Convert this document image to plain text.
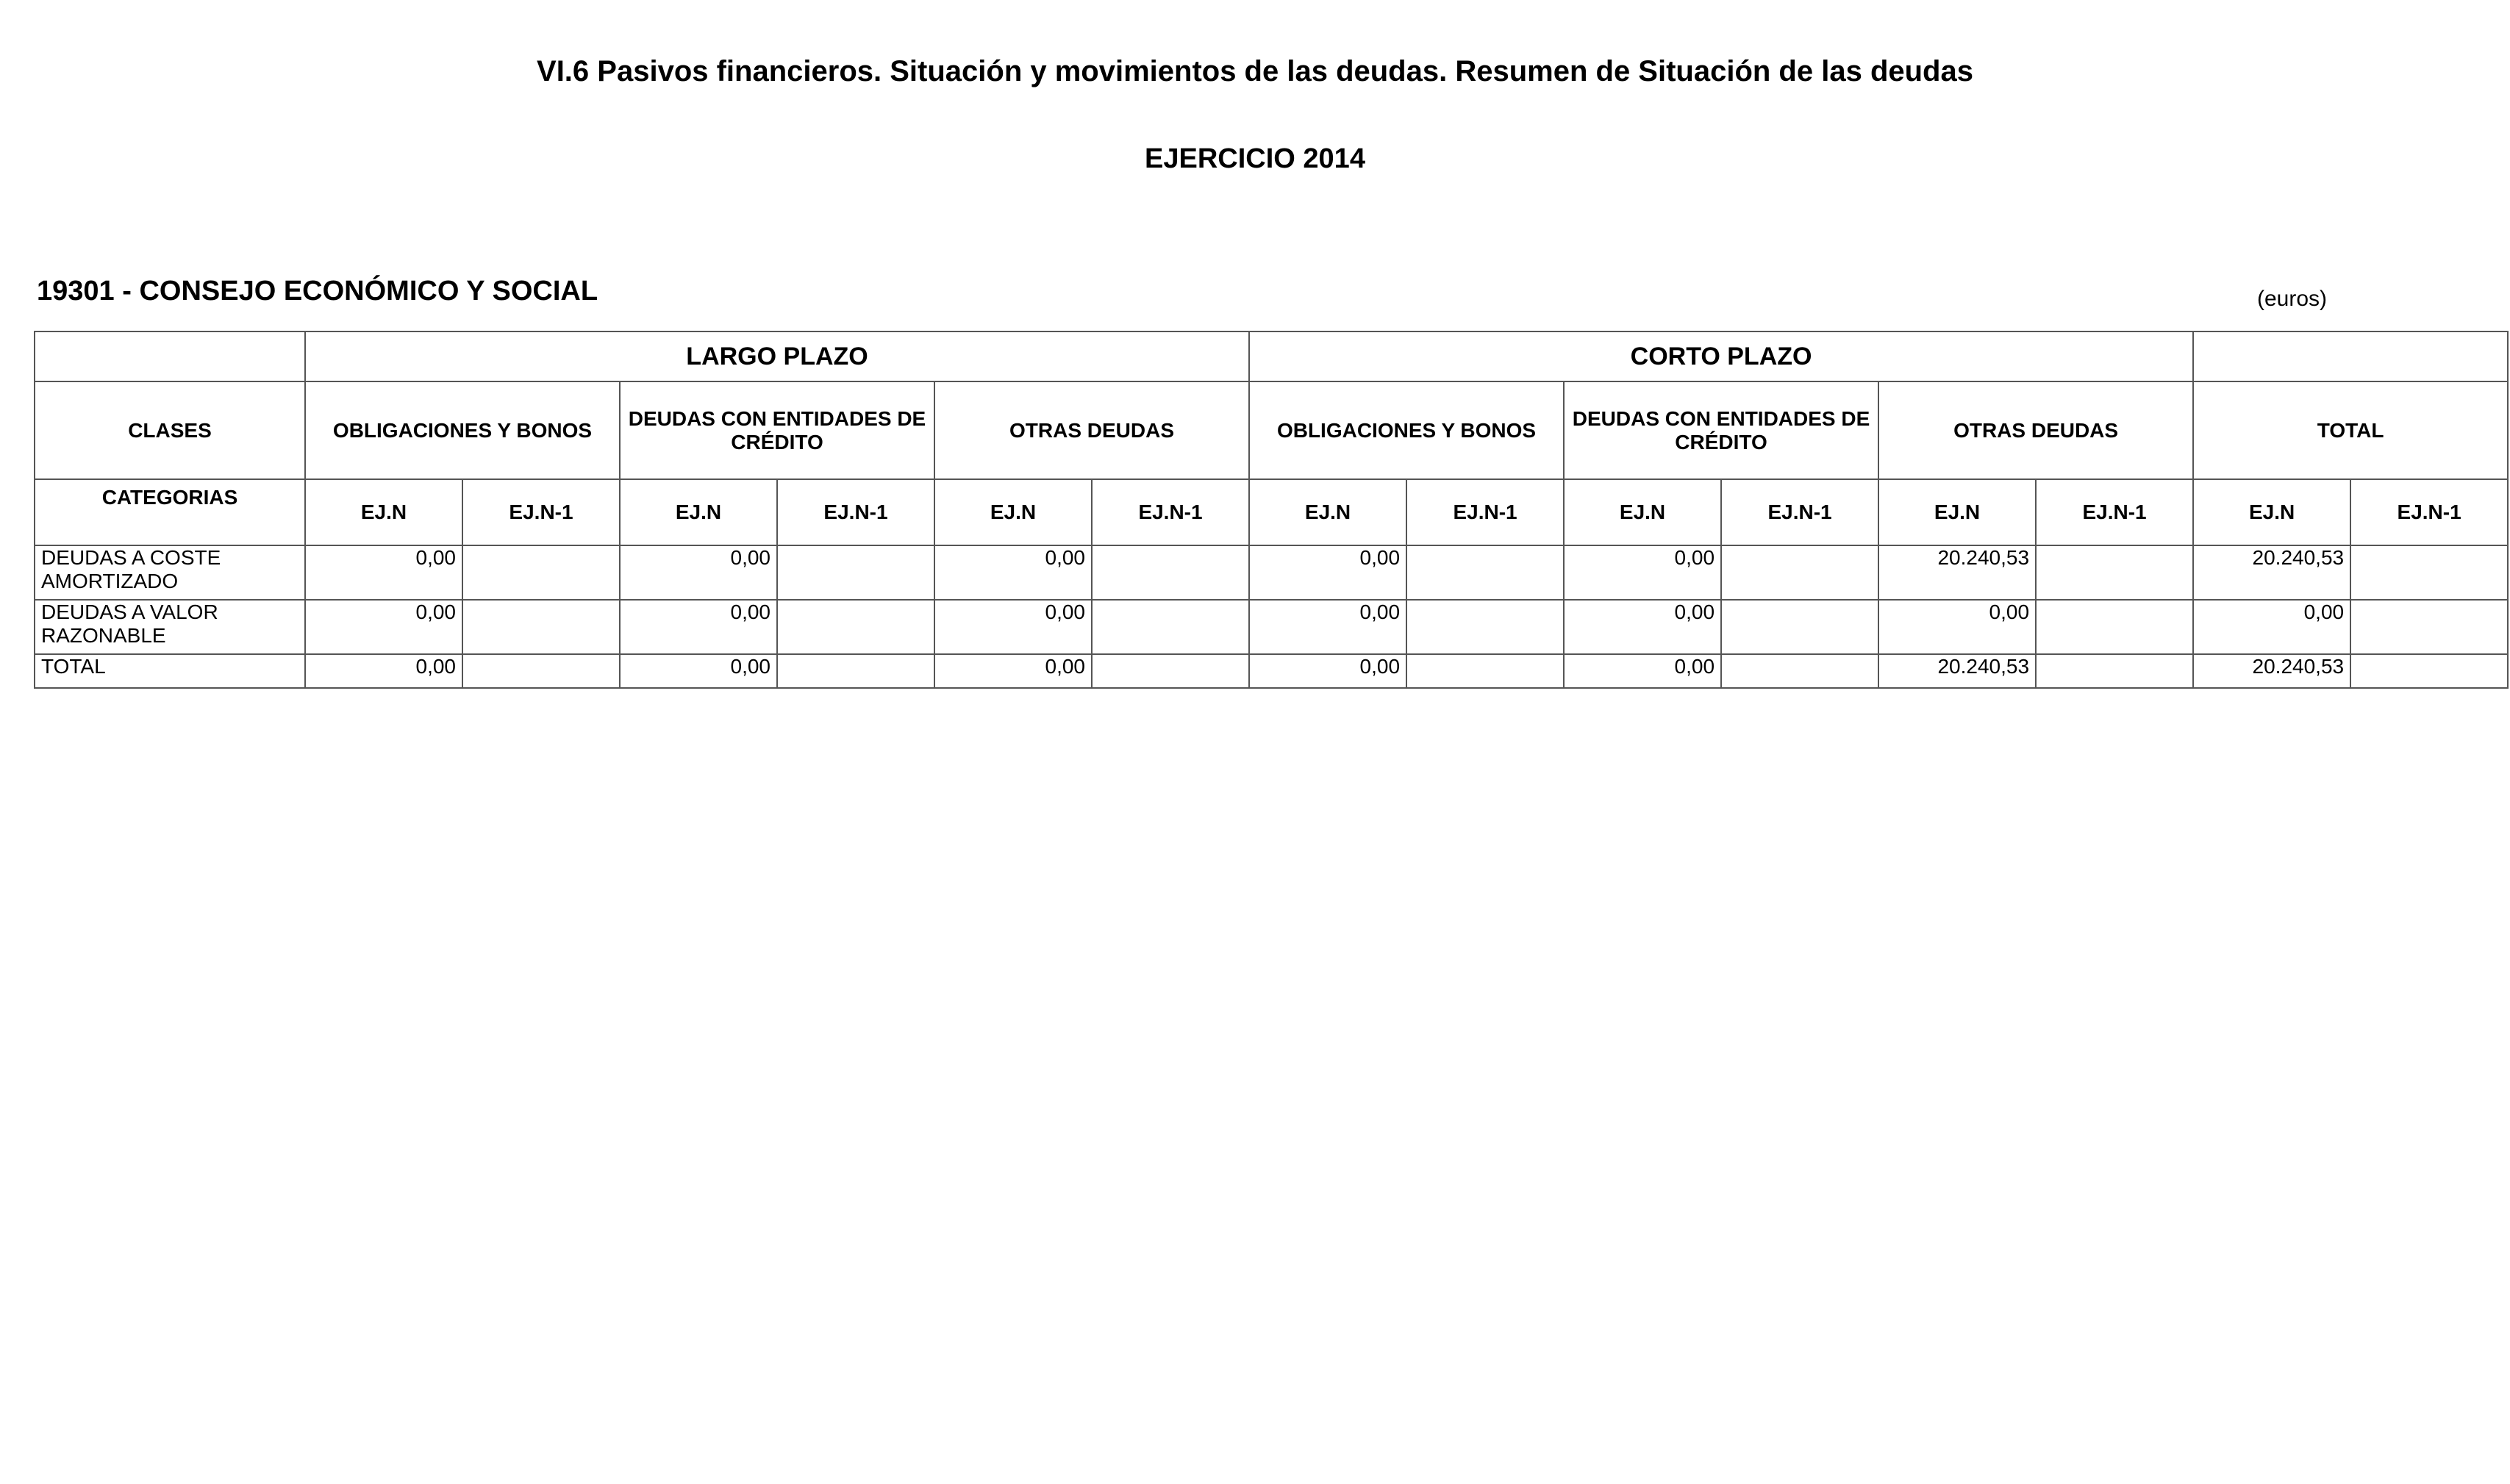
VI.6 Pasivos financieros. Situación y movimientos de las deudas. Resumen de Situación de las deudas
EJERCICIO 2014
19301 - CONSEJO ECONÓMICO Y SOCIAL	(euros)
	LARGO PLAZO						CORTO PLAZO							
CLASES	OBLIGACIONES Y BONOS		DEUDAS CON ENTIDADES DE CRÉDITO		OTRAS DEUDAS		OBLIGACIONES Y BONOS		DEUDAS CON ENTIDADES DE CRÉDITO		OTRAS DEUDAS		TOTAL	
CATEGORIAS	EJ.N	EJ.N-1	EJ.N	EJ.N-1	EJ.N	EJ.N-1	EJ.N	EJ.N-1	EJ.N	EJ.N-1	EJ.N	EJ.N-1	EJ.N	EJ.N-1
DEUDAS A COSTE AMORTIZADO	0,00		0,00		0,00		0,00		0,00		20.240,53		20.240,53	
DEUDAS A VALOR RAZONABLE	0,00		0,00		0,00		0,00		0,00		0,00		0,00	
TOTAL	0,00		0,00		0,00		0,00		0,00		20.240,53		20.240,53	
